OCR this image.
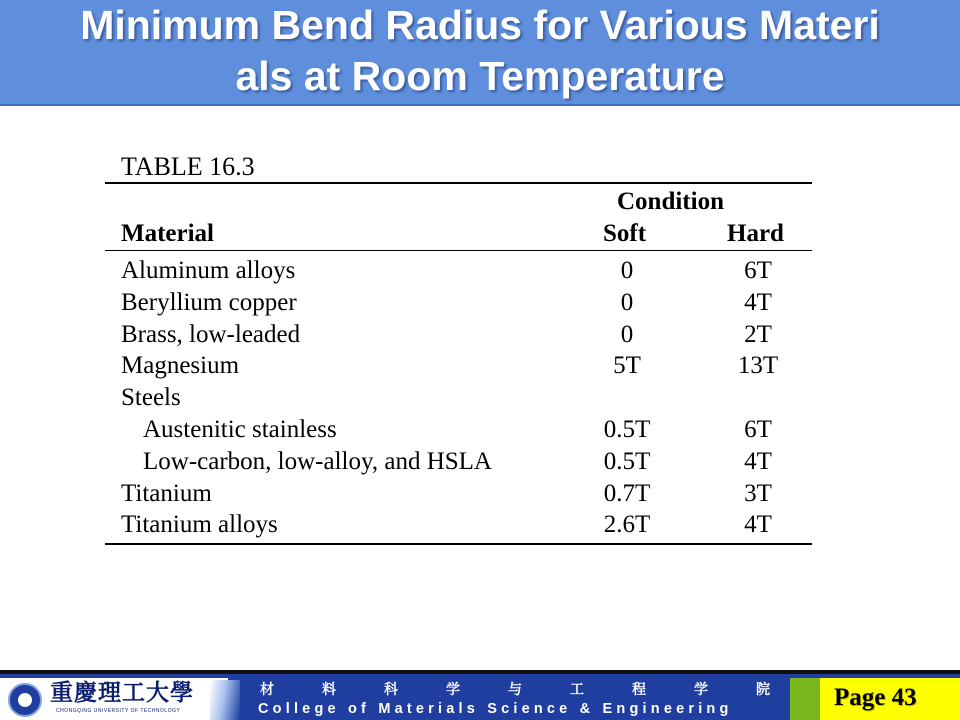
Minimum Bend Radius for Various Materi
als at Room Temperature
TABLE 16.3
Condition
Material	Soft	Hard
Aluminum alloys	0	6T
Beryllium copper	0	4T
Brass, low-leaded	0	2T
Magnesium	5T	13T
Steels
Austenitic stainless	0.5T	6T
Low-carbon, low-alloy, and HSLA	0.5T	4T
Titanium	0.7T	3T
Titanium alloys	2.6T	4T
重慶理工大學
CHONGQING UNIVERSITY OF TECHNOLOGY
材	料	科	学	与	工	程	学	院
College of Materials Science & Engineering	Page 43
